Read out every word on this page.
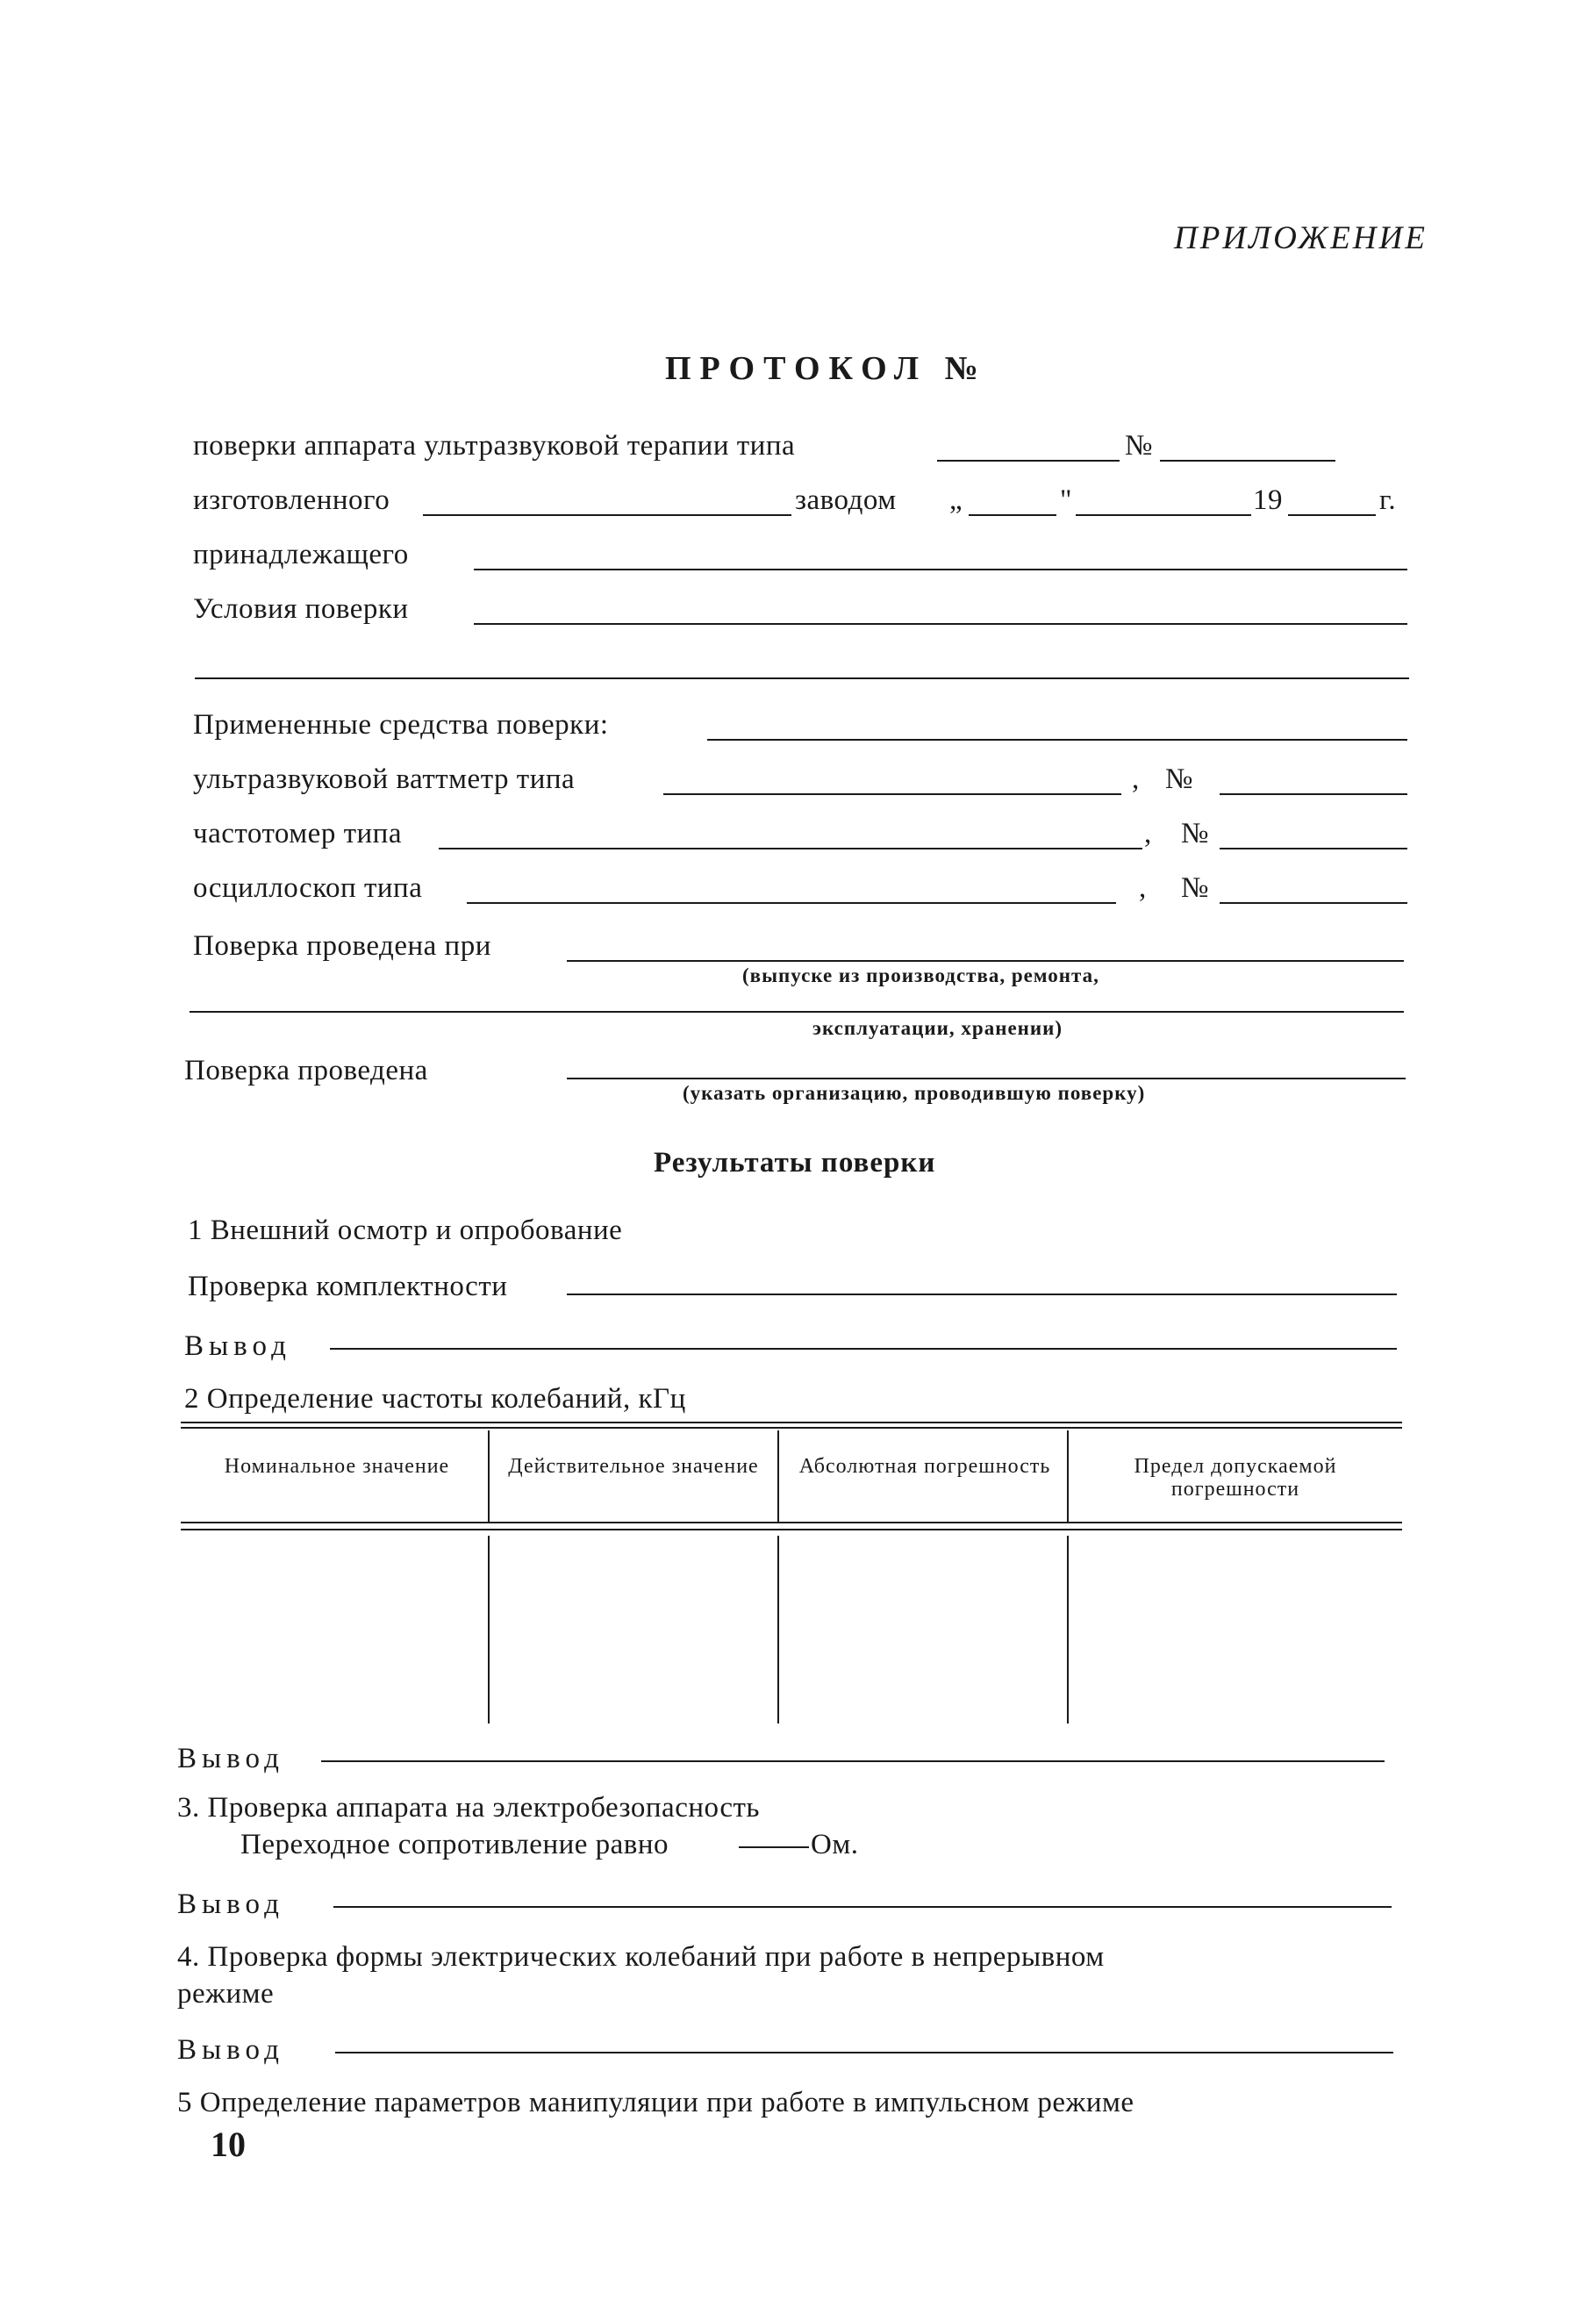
ПРИЛОЖЕНИЕ
ПРОТОКОЛ №
поверки аппарата ультразвуковой терапии типа	№
изготовленного	заводом „	"	19	г.
принадлежащего
Условия поверки
Примененные средства поверки:
ультразвуковой ваттметр типа	, №
частотомер типа	, №
осциллоскоп типа	, №
Поверка проведена при
(выпуске из производства, ремонта,
эксплуатации, хранении)
Поверка проведена
(указать организацию, проводившую поверку)
Результаты поверки
1 Внешний осмотр и опробование
Проверка комплектности
Вывод
2 Определение частоты колебаний, кГц
Номинальное значение	Действительное значение	Абсолютная погрешность	Предел допускаемой погрешности
Вывод
3. Проверка аппарата на электробезопасность
Переходное сопротивление равно	Ом.
Вывод
4. Проверка формы электрических колебаний при работе в непрерывном
режиме
Вывод
5 Определение параметров манипуляции при работе в импульсном режиме
10
